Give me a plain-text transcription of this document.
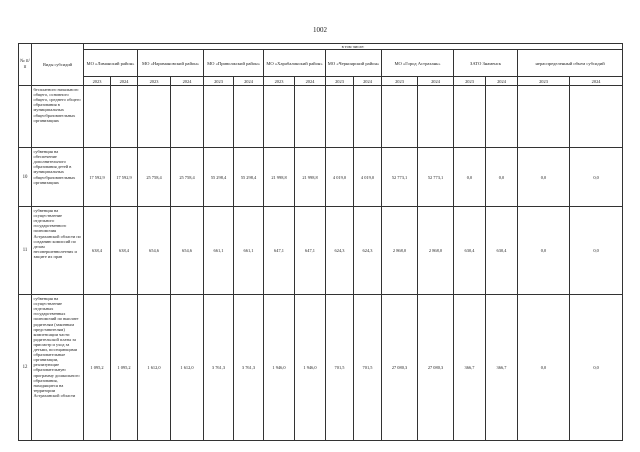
1002
№ п/п	Виды субсидий	в том числе:															
		МО «Лиманский район»		МО «Наримановский район»		МО «Приволжский район»		МО «Харабалинский район»		МО «Черноярский район»		МО «Город Астрахань»		ЗАТО Знаменск		нераспределенный объем субсидий	
		2023	2024	2023	2024	2023	2024	2023	2024	2023	2024	2023	2024	2023	2024	2023	2024
	бесплатного начального общего, основного общего, среднего общего образования в муниципальных общеобразовательных организациях																
10	субвенция на обеспечение дополнительного образования детей в муниципальных общеобразовательных организациях	17 592,9	17 592,9	25 758,4	25 758,4	55 298,4	55 298,4	21 998,8	21 998,8	4 019,0	4 019,0	52 773,1	52 773,1	0,0	0,0	0,0	0,0
11	субвенция на осуществление отдельного государственного полномочия Астраханской области по созданию комиссий по делам несовершеннолетних и защите их прав	638,4	638,4	654,6	654,6	661,1	661,1	647,1	647,1	624,3	624,3	2 868,0	2 868,0	630,4	630,4	0,0	0,0
12	субвенция на осуществление отдельных государственных полномочий по выплате родителям (законным представителям) компенсации части родительской платы за присмотр и уход за детьми, посещающими образовательные организации, реализующие образовательную программу дошкольного образования, находящиеся на территории Астраханской области	1 095,2	1 095,2	1 612,0	1 612,0	3 761,3	3 761,3	1 946,0	1 946,0	701,5	701,5	27 080,3	27 080,3	366,7	366,7	0,0	0,0
